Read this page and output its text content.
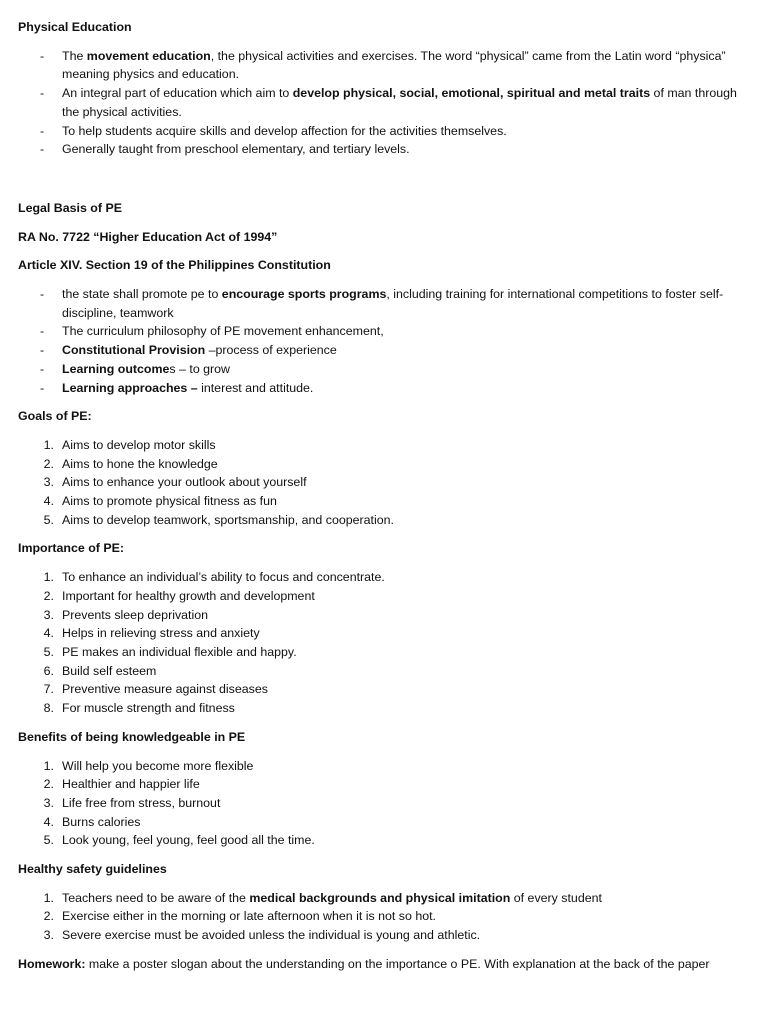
Physical Education

- The movement education, the physical activities and exercises. The word “physical” came from the Latin word “physica” meaning physics and education.
- An integral part of education which aim to develop physical, social, emotional, spiritual and metal traits of man through the physical activities.
- To help students acquire skills and develop affection for the activities themselves.
- Generally taught from preschool elementary, and tertiary levels.

Legal Basis of PE

RA No. 7722 “Higher Education Act of 1994”

Article XIV. Section 19 of the Philippines Constitution

- the state shall promote pe to encourage sports programs, including training for international competitions to foster self-discipline, teamwork
- The curriculum philosophy of PE movement enhancement,
- Constitutional Provision –process of experience
- Learning outcomes – to grow
- Learning approaches – interest and attitude.

Goals of PE:

1. Aims to develop motor skills
2. Aims to hone the knowledge
3. Aims to enhance your outlook about yourself
4. Aims to promote physical fitness as fun
5. Aims to develop teamwork, sportsmanship, and cooperation.

Importance of PE:

1. To enhance an individual’s ability to focus and concentrate.
2. Important for healthy growth and development
3. Prevents sleep deprivation
4. Helps in relieving stress and anxiety
5. PE makes an individual flexible and happy.
6. Build self esteem
7. Preventive measure against diseases
8. For muscle strength and fitness

Benefits of being knowledgeable in PE

1. Will help you become more flexible
2. Healthier and happier life
3. Life free from stress, burnout
4. Burns calories
5. Look young, feel young, feel good all the time.

Healthy safety guidelines

1. Teachers need to be aware of the medical backgrounds and physical imitation of every student
2. Exercise either in the morning or late afternoon when it is not so hot.
3. Severe exercise must be avoided unless the individual is young and athletic.

Homework: make a poster slogan about the understanding on the importance o PE. With explanation at the back of the paper
